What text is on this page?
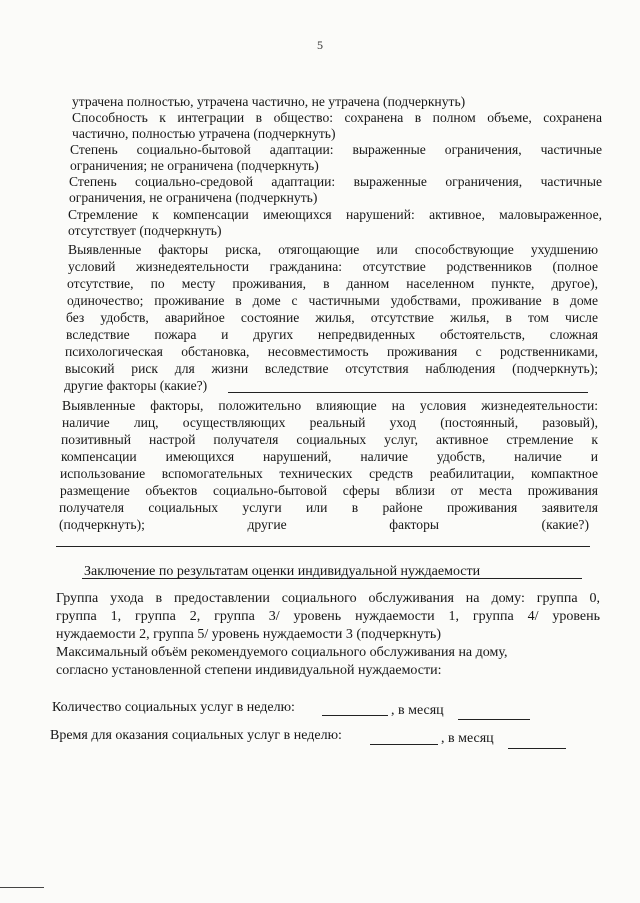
5
утрачена полностью, утрачена частично, не утрачена (подчеркнуть)
Способность к интеграции в общество: сохранена в полном объеме, сохранена
частично, полностью утрачена (подчеркнуть)
Степень социально-бытовой адаптации: выраженные ограничения, частичные
ограничения; не ограничена (подчеркнуть)
Степень социально-средовой адаптации: выраженные ограничения, частичные
ограничения, не ограничена (подчеркнуть)
Стремление к компенсации имеющихся нарушений: активное, маловыраженное,
отсутствует (подчеркнуть)
Выявленные факторы риска, отягощающие или способствующие ухудшению
условий жизнедеятельности гражданина: отсутствие родственников (полное
отсутствие, по месту проживания, в данном населенном пункте, другое),
одиночество; проживание в доме с частичными удобствами, проживание в доме
без удобств, аварийное состояние жилья, отсутствие жилья, в том числе
вследствие пожара и других непредвиденных обстоятельств, сложная
психологическая обстановка, несовместимость проживания с родственниками,
высокий риск для жизни вследствие отсутствия наблюдения (подчеркнуть);
другие факторы (какие?)
Выявленные факторы, положительно влияющие на условия жизнедеятельности:
наличие лиц, осуществляющих реальный уход (постоянный, разовый),
позитивный настрой получателя социальных услуг, активное стремление к
компенсации имеющихся нарушений, наличие удобств, наличие и
использование вспомогательных технических средств реабилитации, компактное
размещение объектов социально-бытовой сферы вблизи от места проживания
получателя социальных услуги или в районе проживания заявителя
(подчеркнуть); другие факторы (какие?)
Заключение по результатам оценки индивидуальной нуждаемости
Группа ухода в предоставлении социального обслуживания на дому: группа 0,
группа 1, группа 2, группа 3/ уровень нуждаемости 1, группа 4/ уровень
нуждаемости 2, группа 5/ уровень нуждаемости 3 (подчеркнуть)
Максимальный объём рекомендуемого социального обслуживания на дому,
согласно установленной степени индивидуальной нуждаемости:
Количество социальных услуг в неделю:	, в месяц
Время для оказания социальных услуг в неделю:	, в месяц
